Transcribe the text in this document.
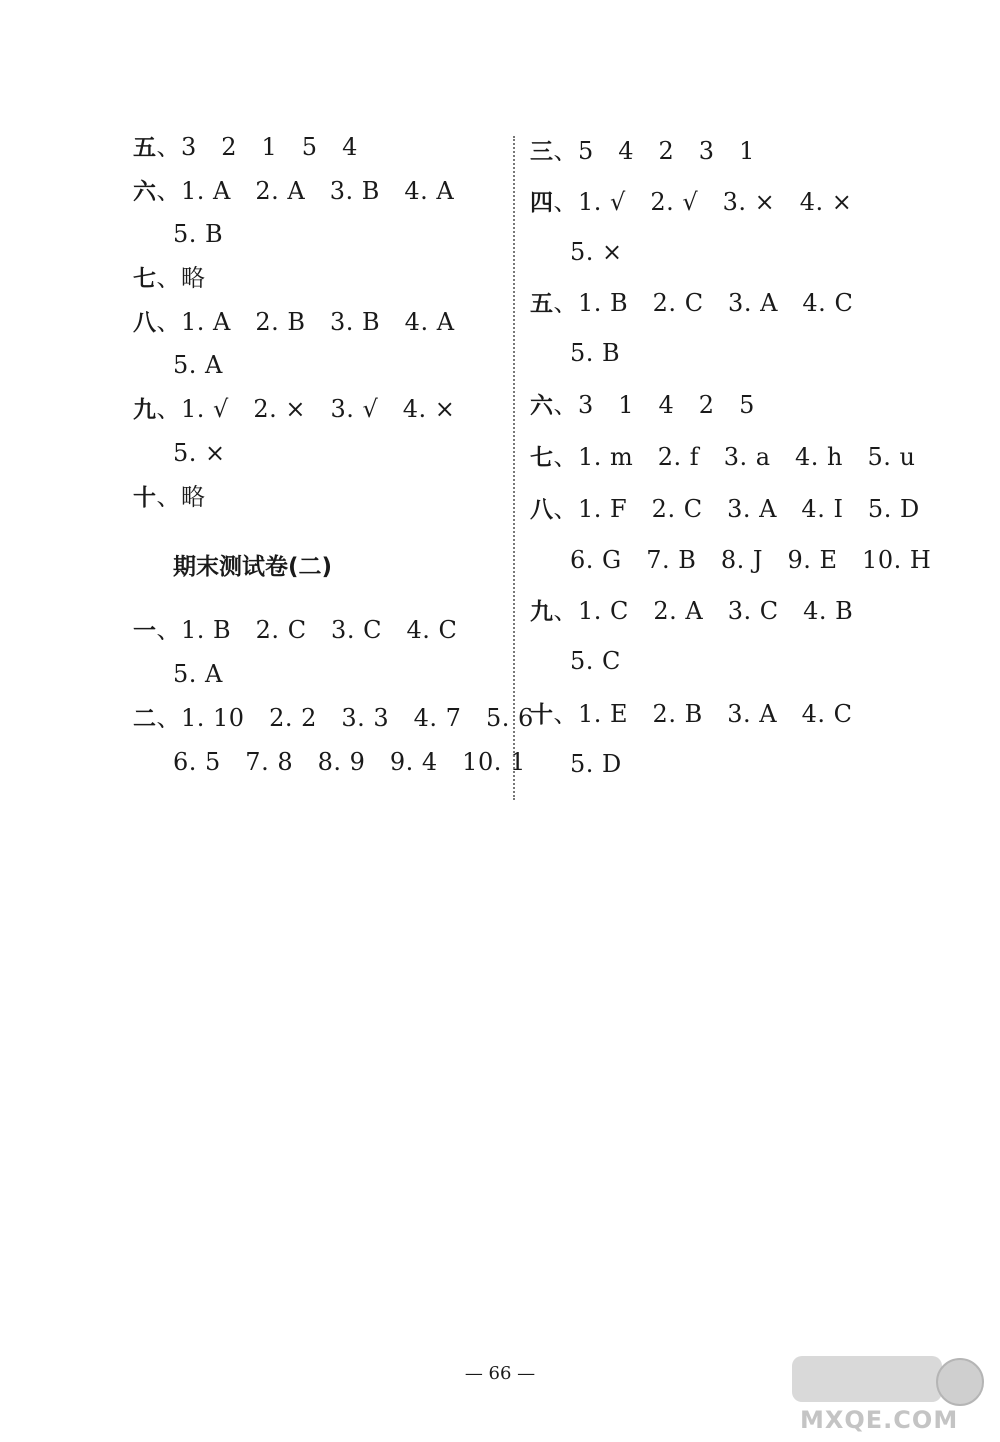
五、3　2　1　5　4
六、1. A　2. A　3. B　4. A
5. B
七、略
八、1. A　2. B　3. B　4. A
5. A
九、1. √　2. ×　3. √　4. ×
5. ×
十、略
期末测试卷(二)
一、1. B　2. C　3. C　4. C
5. A
二、1. 10　2. 2　3. 3　4. 7　5. 6
6. 5　7. 8　8. 9　9. 4　10. 1
三、5　4　2　3　1
四、1. √　2. √　3. ×　4. ×
5. ×
五、1. B　2. C　3. A　4. C
5. B
六、3　1　4　2　5
七、1. m　2. f　3. a　4. h　5. u
八、1. F　2. C　3. A　4. I　5. D
6. G　7. B　8. J　9. E　10. H
九、1. C　2. A　3. C　4. B
5. C
十、1. E　2. B　3. A　4. C
5. D
— 66 —
MXQE.COM
